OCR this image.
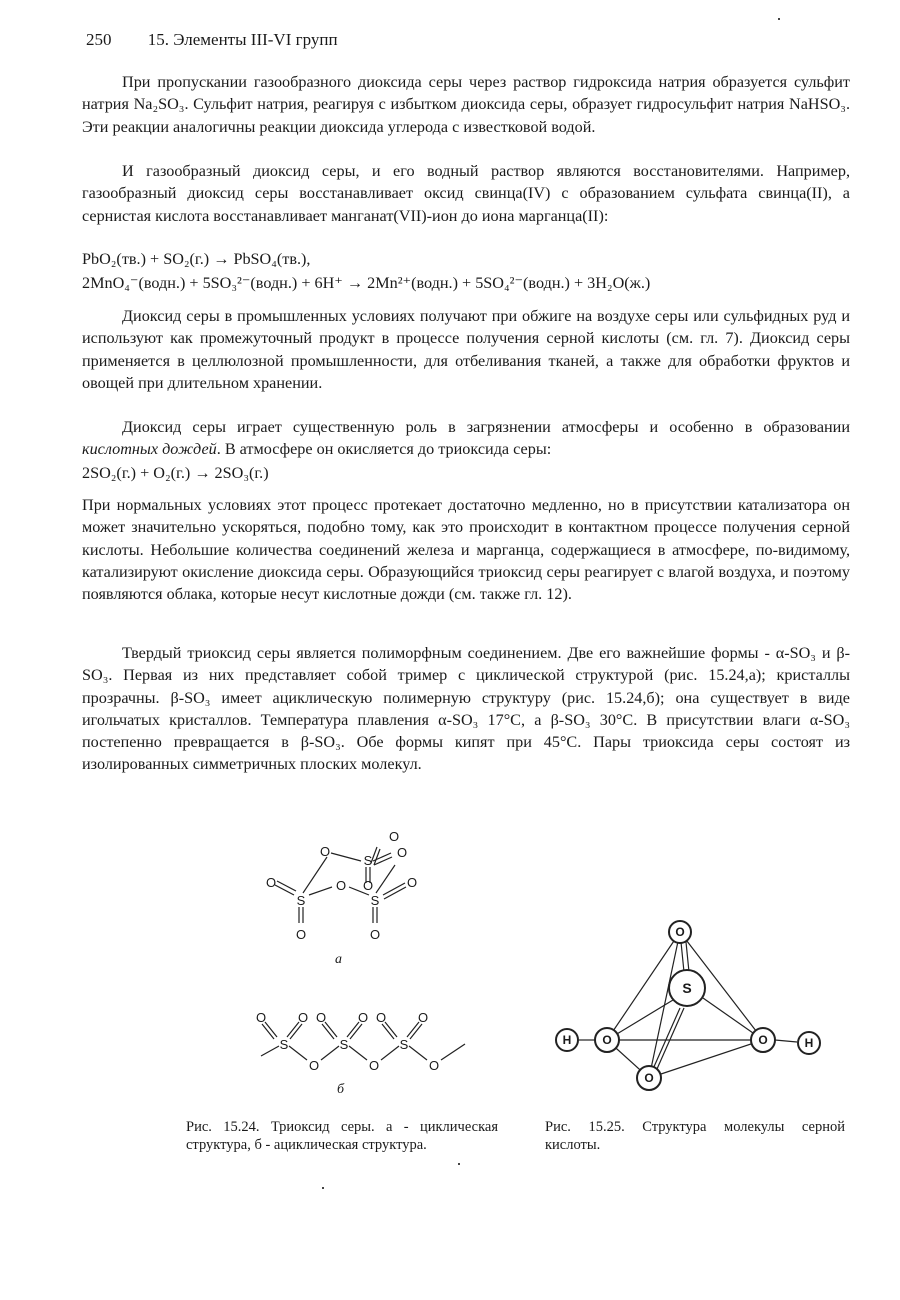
250 15. Элементы III-VI групп

При пропускании газообразного диоксида серы через раствор гидроксида натрия образуется сульфит натрия Na₂SO₃. Сульфит натрия, реагируя с избытком диоксида серы, образует гидросульфит натрия NaHSO₃. Эти реакции аналогичны реакции диоксида углерода с известковой водой.

И газообразный диоксид серы, и его водный раствор являются восстановителями. Например, газообразный диоксид серы восстанавливает оксид свинца(IV) с образованием сульфата свинца(II), а сернистая кислота восстанавливает манганат(VII)-ион до иона марганца(II):

PbO₂(тв.) + SO₂(г.) → PbSO₄(тв.),
2MnO₄⁻(водн.) + 5SO₃²⁻(водн.) + 6H⁺ → 2Mn²⁺(водн.) + 5SO₄²⁻(водн.) + 3H₂O(ж.)

Диоксид серы в промышленных условиях получают при обжиге на воздухе серы или сульфидных руд и используют как промежуточный продукт в процессе получения серной кислоты (см. гл. 7). Диоксид серы применяется в целлюлозной промышленности, для отбеливания тканей, а также для обработки фруктов и овощей при длительном хранении.

Диоксид серы играет существенную роль в загрязнении атмосферы и особенно в образовании кислотных дождей. В атмосфере он окисляется до триоксида серы:

2SO₂(г.) + O₂(г.) → 2SO₃(г.)

При нормальных условиях этот процесс протекает достаточно медленно, но в присутствии катализатора он может значительно ускоряться, подобно тому, как это происходит в контактном процессе получения серной кислоты. Небольшие количества соединений железа и марганца, содержащиеся в атмосфере, по-видимому, катализируют окисление диоксида серы. Образующийся триоксид серы реагирует с влагой воздуха, и поэтому появляются облака, которые несут кислотные дожди (см. также гл. 12).

Твердый триоксид серы является полиморфным соединением. Две его важнейшие формы - α-SO₃ и β-SO₃. Первая из них представляет собой тример с циклической структурой (рис. 15.24,а); кристаллы прозрачны. β-SO₃ имеет ациклическую полимерную структуру (рис. 15.24,б); она существует в виде игольчатых кристаллов. Температура плавления α-SO₃ 17°C, а β-SO₃ 30°C. В присутствии влаги α-SO₃ постепенно превращается в β-SO₃. Обе формы кипят при 45°C. Пары триоксида серы состоят из изолированных симметричных плоских молекул.

O
O	O
S
O	O O	O
S	S
O	O
а
O O O O O O
S	S	S
O	O	O
б
O
S
O	O
O
H	H
Рис. 15.24. Триоксид серы. а - циклическая структура, б - ациклическая структура.
Рис. 15.25. Структура молекулы серной кислоты.
